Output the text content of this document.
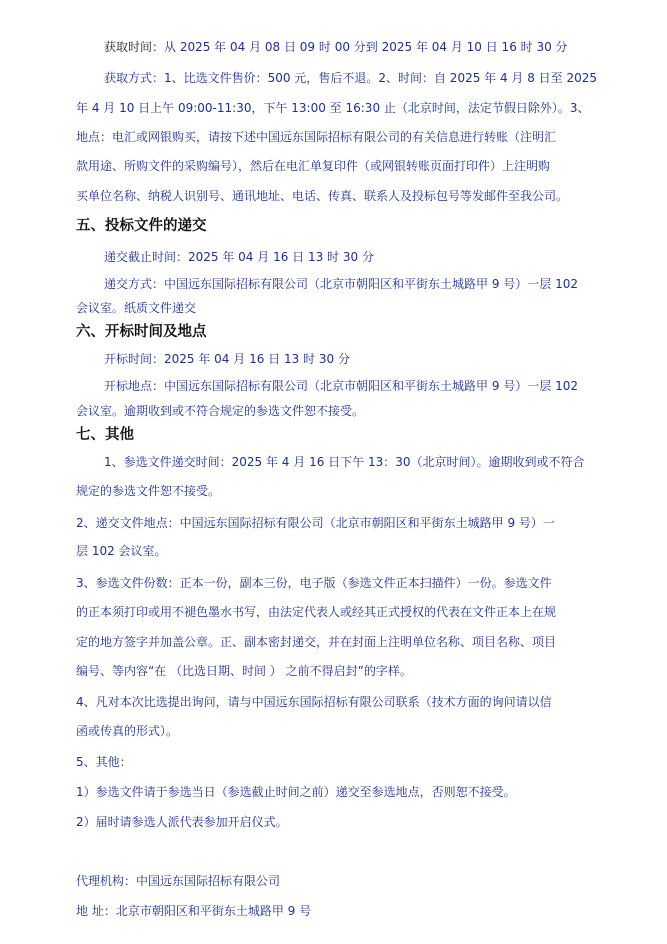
获取时间：从 2025 年 04 月 08 日 09 时 00 分到 2025 年 04 月 10 日 16 时 30 分
获取方式：1、比选文件售价：500 元，售后不退。2、时间：自 2025 年 4 月 8 日至 2025
年 4 月 10 日上午 09:00-11:30，下午 13:00 至 16:30 止（北京时间，法定节假日除外）。3、
地点：电汇或网银购买，请按下述中国远东国际招标有限公司的有关信息进行转账（注明汇
款用途、所购文件的采购编号），然后在电汇单复印件（或网银转账页面打印件）上注明购
买单位名称、纳税人识别号、通讯地址、电话、传真、联系人及投标包号等发邮件至我公司。
五、投标文件的递交
递交截止时间：2025 年 04 月 16 日 13 时 30 分
递交方式：中国远东国际招标有限公司（北京市朝阳区和平街东土城路甲 9 号）一层 102
会议室。纸质文件递交
六、开标时间及地点
开标时间：2025 年 04 月 16 日 13 时 30 分
开标地点：中国远东国际招标有限公司（北京市朝阳区和平街东土城路甲 9 号）一层 102
会议室。逾期收到或不符合规定的参选文件恕不接受。
七、其他
1、参选文件递交时间：2025 年 4 月 16 日下午 13：30（北京时间）。逾期收到或不符合
规定的参选文件恕不接受。
2、递交文件地点：中国远东国际招标有限公司（北京市朝阳区和平街东土城路甲 9 号）一
层 102 会议室。
3、参选文件份数：正本一份，副本三份，电子版（参选文件正本扫描件）一份。参选文件
的正本须打印或用不褪色墨水书写，由法定代表人或经其正式授权的代表在文件正本上在规
定的地方签字并加盖公章。正、副本密封递交，并在封面上注明单位名称、项目名称、项目
编号、等内容“在 （比选日期、时间 ） 之前不得启封”的字样。
4、凡对本次比选提出询问，请与中国远东国际招标有限公司联系（技术方面的询问请以信
函或传真的形式）。
5、其他：
1）参选文件请于参选当日（参选截止时间之前）递交至参选地点，否则恕不接受。
2）届时请参选人派代表参加开启仪式。
代理机构：中国远东国际招标有限公司
地 址：北京市朝阳区和平街东土城路甲 9 号
